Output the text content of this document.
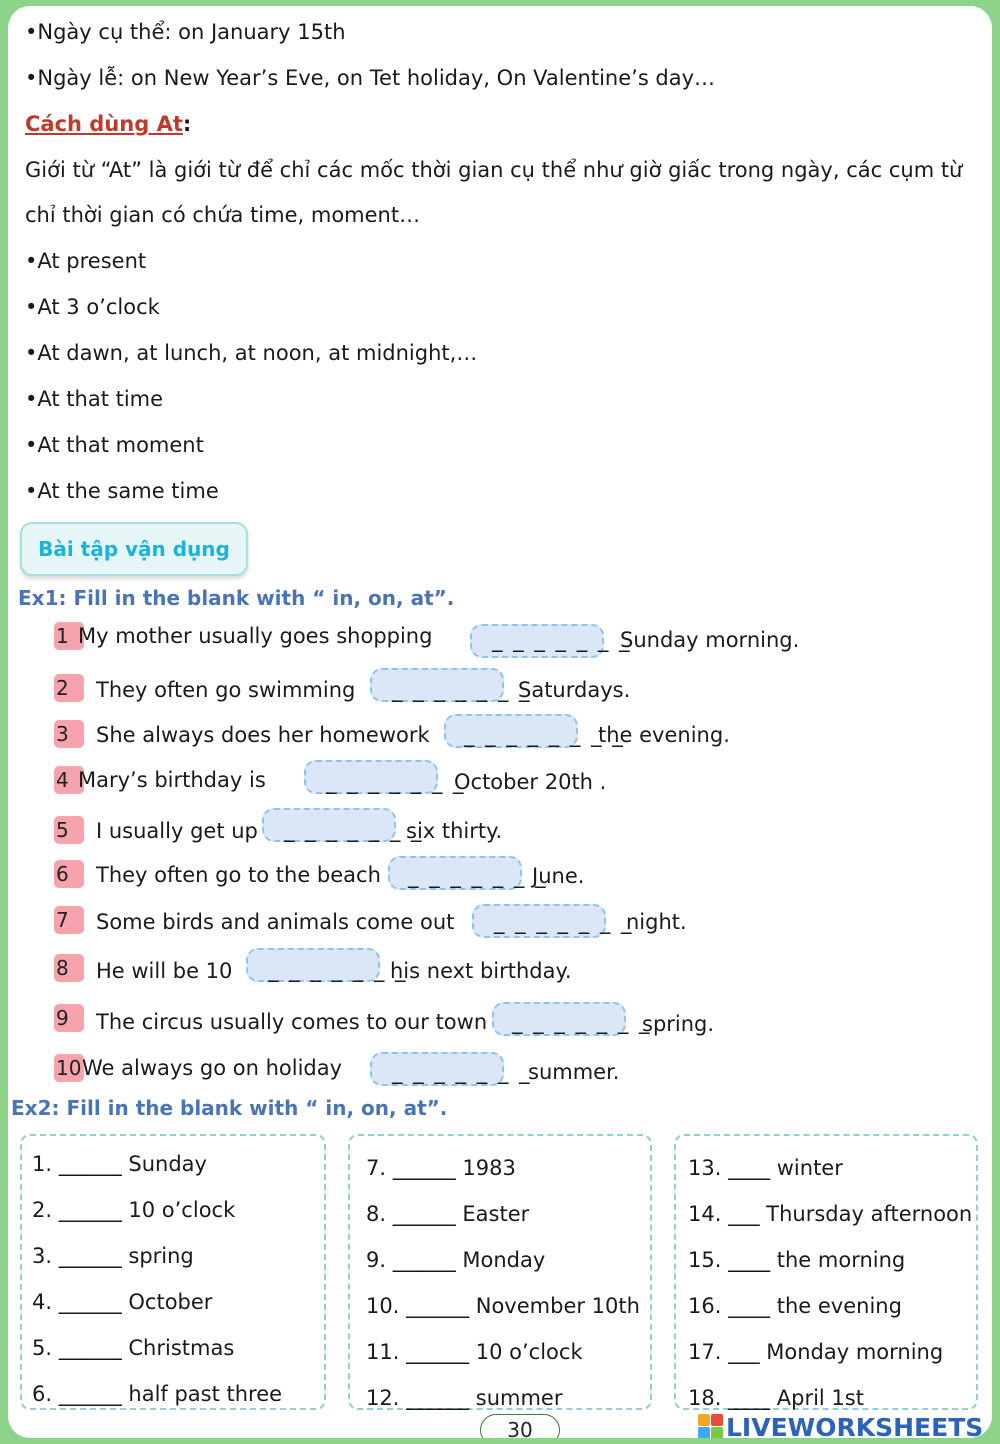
•Ngày cụ thể: on January 15th
•Ngày lễ: on New Year’s Eve, on Tet holiday, On Valentine’s day…
Cách dùng At:
Giới từ “At” là giới từ để chỉ các mốc thời gian cụ thể như giờ giấc trong ngày, các cụm từ
chỉ thời gian có chứa time, moment…
•At present
•At 3 o’clock
•At dawn, at lunch, at noon, at midnight,…
•At that time
•At that moment
•At the same time
Bài tập vận dụng
Ex1: Fill in the blank with “ in, on, at”.
1 My mother usually goes shopping	_ _ _ _ _ _ _
Sunday morning.
2	They often go swimming _ _ _ _ _ _ _
Saturdays.
3	She always does her homework _ _ _ _ _ _ _ _
the evening.
4 Mary’s birthday is	_ _ _ _ _ _ _
October 20th .
5	I usually get up _ _ _ _ _ _ _
six thirty.
6	They often go to the beach _ _ _ _ _ _ _
June.
7	Some birds and animals come out _ _ _ _ _ _ _
night.
8	He will be 10 _ _ _ _ _ _ _
his next birthday.
9	The circus usually comes to our town _ _ _ _ _ _ _
spring.
10 We always go on holiday _ _ _ _ _ _ _
summer.
Ex2: Fill in the blank with “ in, on, at”.
1. ______ Sunday
2. ______ 10 o’clock
3. ______ spring
4. ______ October
5. ______ Christmas
6. ______ half past three
7. ______ 1983
8. ______ Easter
9. ______ Monday
10. ______ November 10th
11. ______ 10 o’clock
12. ______ summer
13. ____ winter
14. ___ Thursday afternoon
15. ____ the morning
16. ____ the evening
17. ___ Monday morning
18. ____ April 1st
30	LIVEWORKSHEETS
